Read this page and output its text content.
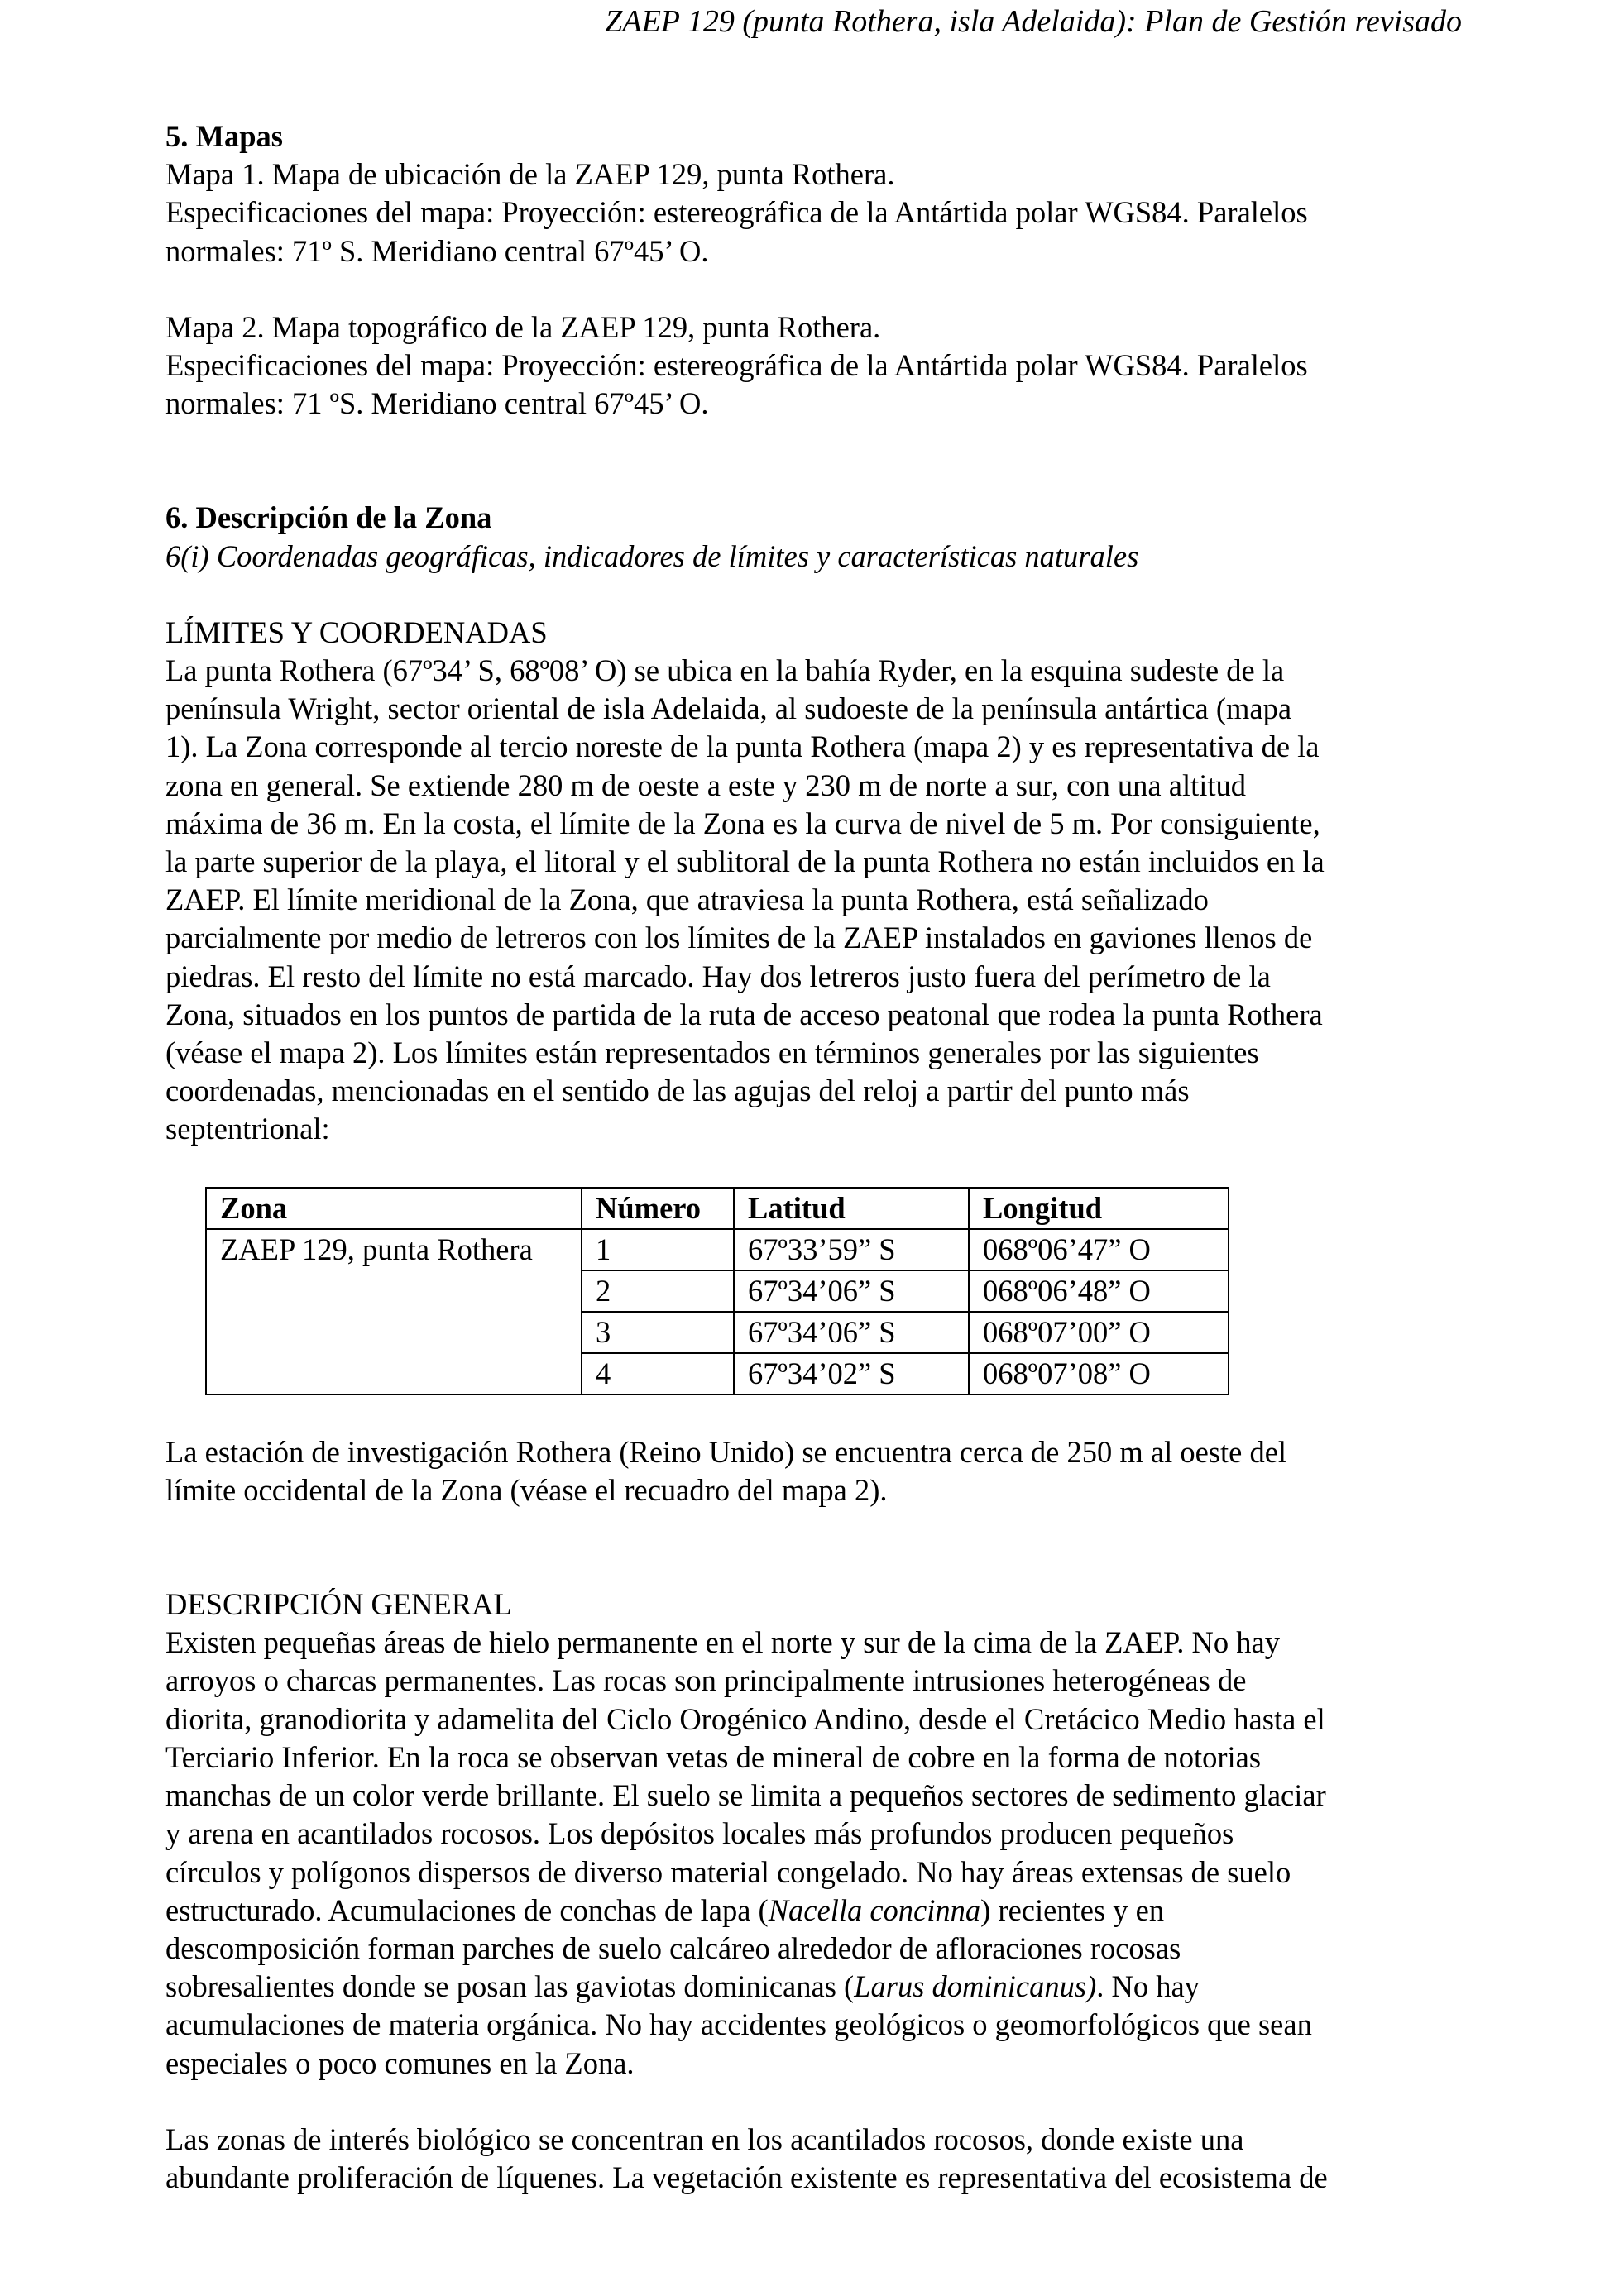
ZAEP 129 (punta Rothera, isla Adelaida): Plan de Gestión revisado

5. Mapas

Mapa 1. Mapa de ubicación de la ZAEP 129, punta Rothera.

Especificaciones del mapa: Proyección: estereográfica de la Antártida polar WGS84. Paralelos

normales: 71º S. Meridiano central 67º45’ O.

Mapa 2. Mapa topográfico de la ZAEP 129, punta Rothera.

Especificaciones del mapa: Proyección: estereográfica de la Antártida polar WGS84. Paralelos

normales: 71 ºS. Meridiano central 67º45’ O.

6. Descripción de la Zona

6(i) Coordenadas geográficas, indicadores de límites y características naturales

LÍMITES Y COORDENADAS

La punta Rothera (67º34’ S, 68º08’ O) se ubica en la bahía Ryder, en la esquina sudeste de la

península Wright, sector oriental de isla Adelaida, al sudoeste de la península antártica (mapa

1). La Zona corresponde al tercio noreste de la punta Rothera (mapa 2) y es representativa de la

zona en general. Se extiende 280 m de oeste a este y 230 m de norte a sur, con una altitud

máxima de 36 m. En la costa, el límite de la Zona es la curva de nivel de 5 m. Por consiguiente,

la parte superior de la playa, el litoral y el sublitoral de la punta Rothera no están incluidos en la

ZAEP. El límite meridional de la Zona, que atraviesa la punta Rothera, está señalizado

parcialmente por medio de letreros con los límites de la ZAEP instalados en gaviones llenos de

piedras. El resto del límite no está marcado. Hay dos letreros justo fuera del perímetro de la

Zona, situados en los puntos de partida de la ruta de acceso peatonal que rodea la punta Rothera

(véase el mapa 2). Los límites están representados en términos generales por las siguientes

coordenadas, mencionadas en el sentido de las agujas del reloj a partir del punto más

septentrional:

Zona	Número	Latitud	Longitud
ZAEP 129, punta Rothera	1	67º33’59” S	068º06’47” O
	2	67º34’06” S	068º06’48” O
	3	67º34’06” S	068º07’00” O
	4	67º34’02” S	068º07’08” O

La estación de investigación Rothera (Reino Unido) se encuentra cerca de 250 m al oeste del

límite occidental de la Zona (véase el recuadro del mapa 2).

DESCRIPCIÓN GENERAL

Existen pequeñas áreas de hielo permanente en el norte y sur de la cima de la ZAEP. No hay

arroyos o charcas permanentes. Las rocas son principalmente intrusiones heterogéneas de

diorita, granodiorita y adamelita del Ciclo Orogénico Andino, desde el Cretácico Medio hasta el

Terciario Inferior. En la roca se observan vetas de mineral de cobre en la forma de notorias

manchas de un color verde brillante. El suelo se limita a pequeños sectores de sedimento glaciar

y arena en acantilados rocosos. Los depósitos locales más profundos producen pequeños

círculos y polígonos dispersos de diverso material congelado. No hay áreas extensas de suelo

estructurado. Acumulaciones de conchas de lapa (Nacella concinna) recientes y en

descomposición forman parches de suelo calcáreo alrededor de afloraciones rocosas

sobresalientes donde se posan las gaviotas dominicanas (Larus dominicanus). No hay

acumulaciones de materia orgánica. No hay accidentes geológicos o geomorfológicos que sean

especiales o poco comunes en la Zona.

Las zonas de interés biológico se concentran en los acantilados rocosos, donde existe una

abundante proliferación de líquenes. La vegetación existente es representativa del ecosistema de
